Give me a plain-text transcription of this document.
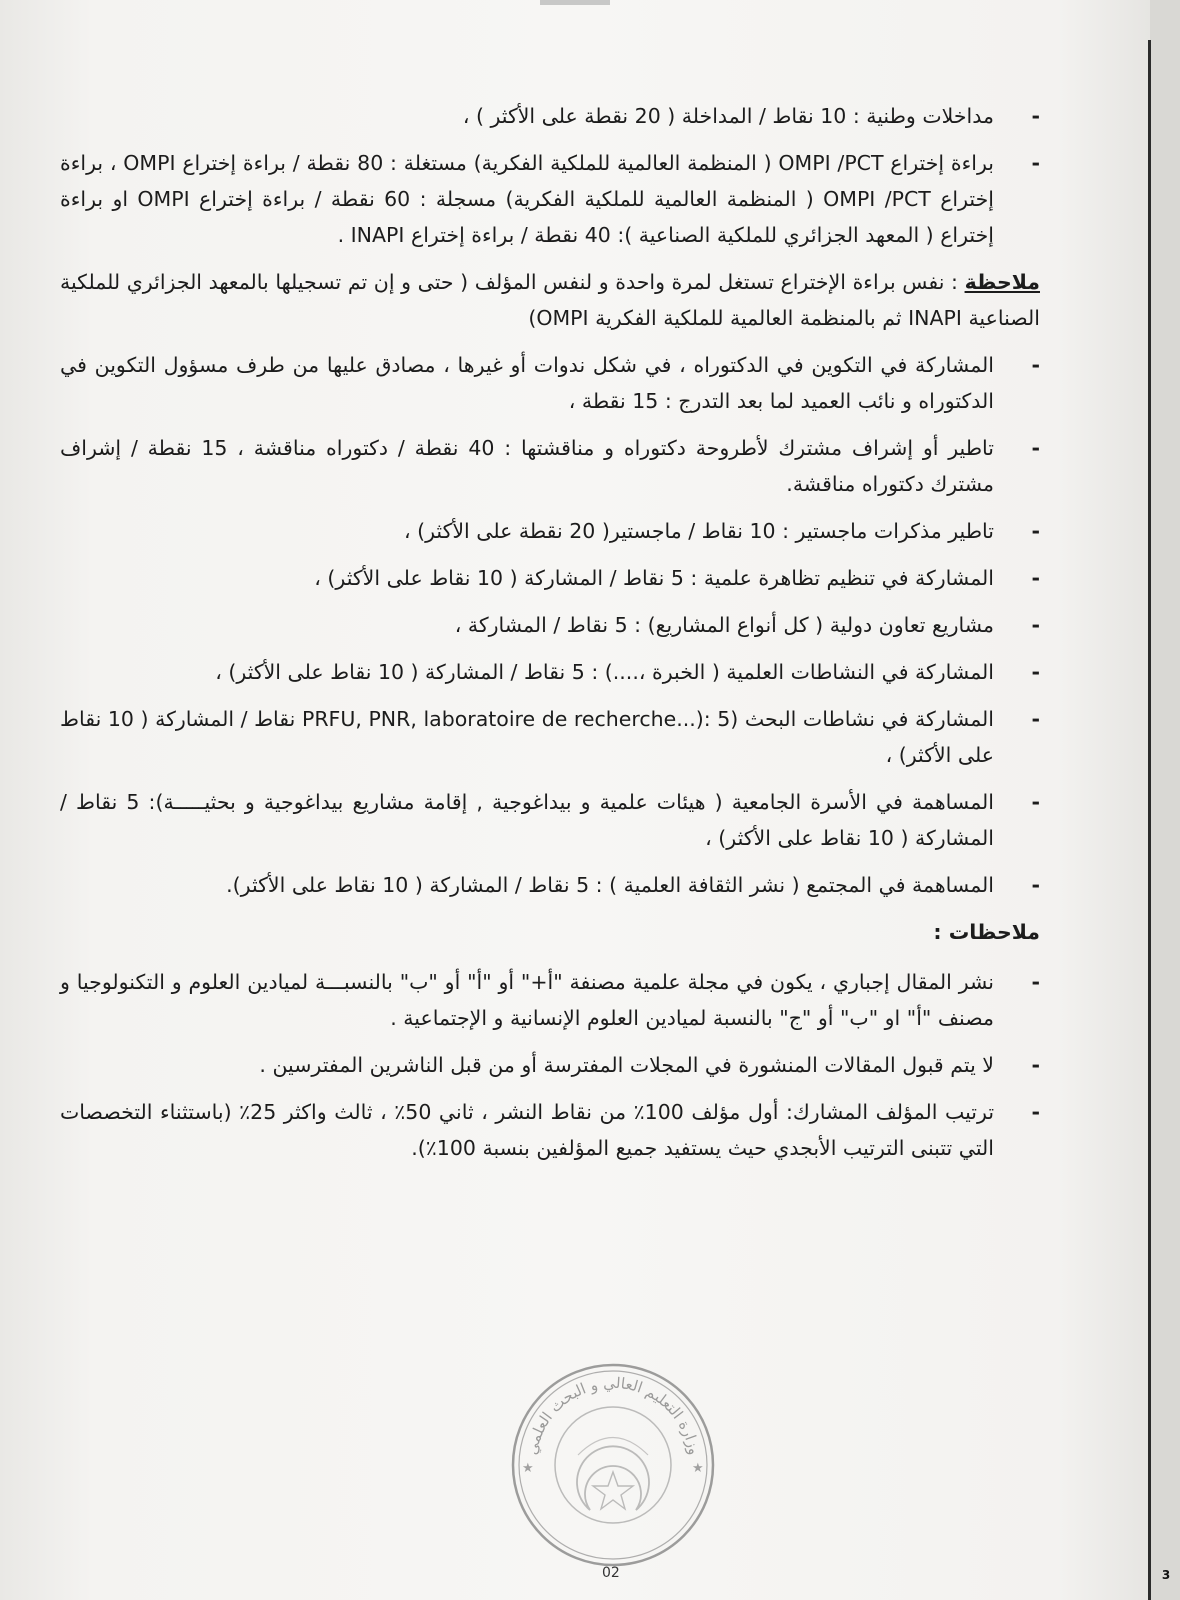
- مداخلات وطنية : 10 نقاط / المداخلة ( 20 نقطة على الأكثر ) ،

- براءة إختراع OMPI /PCT ( المنظمة العالمية للملكية الفكرية) مستغلة : 80 نقطة / براءة إختراع OMPI ، براءة إختراع OMPI /PCT ( المنظمة العالمية للملكية الفكرية) مسجلة : 60 نقطة / براءة إختراع OMPI او براءة إختراع ( المعهد الجزائري للملكية الصناعية ): 40 نقطة / براءة إختراع INAPI .

ملاحظة : نفس براءة الإختراع تستغل لمرة واحدة و لنفس المؤلف ( حتى و إن تم تسجيلها بالمعهد الجزائري للملكية الصناعية INAPI ثم بالمنظمة العالمية للملكية الفكرية OMPI)

- المشاركة في التكوين في الدكتوراه ، في شكل ندوات أو غيرها ، مصادق عليها من طرف مسؤول التكوين في الدكتوراه و نائب العميد لما بعد التدرج : 15 نقطة ،

- تاطير أو إشراف مشترك لأطروحة دكتوراه و مناقشتها : 40 نقطة / دكتوراه مناقشة ، 15 نقطة / إشراف مشترك دكتوراه مناقشة.

- تاطير مذكرات ماجستير : 10 نقاط / ماجستير( 20 نقطة على الأكثر) ،

- المشاركة في تنظيم تظاهرة علمية : 5 نقاط / المشاركة ( 10 نقاط على الأكثر) ،

- مشاريع تعاون دولية ( كل أنواع المشاريع) : 5 نقاط / المشاركة ،

- المشاركة في النشاطات العلمية ( الخبرة ،....) : 5 نقاط / المشاركة ( 10 نقاط على الأكثر) ،

- المشاركة في نشاطات البحث (PRFU, PNR, laboratoire de recherche...): 5 نقاط / المشاركة ( 10 نقاط على الأكثر) ،

- المساهمة في الأسرة الجامعية ( هيئات علمية و بيداغوجية , إقامة مشاريع بيداغوجية و بحثيـــــة): 5 نقاط / المشاركة ( 10 نقاط على الأكثر) ،

- المساهمة في المجتمع ( نشر الثقافة العلمية ) : 5 نقاط / المشاركة ( 10 نقاط على الأكثر).

ملاحظات :

- نشر المقال إجباري ، يكون في مجلة علمية مصنفة "أ+" أو "أ" أو "ب" بالنسبـــة لميادين العلوم و التكنولوجيا و مصنف "أ" او "ب" أو "ج" بالنسبة لميادين العلوم الإنسانية و الإجتماعية .

- لا يتم قبول المقالات المنشورة في المجلات المفترسة أو من قبل الناشرين المفترسين .

- ترتيب المؤلف المشارك: أول مؤلف 100٪ من نقاط النشر ، ثاني 50٪ ، ثالث واكثر 25٪ (باستثناء التخصصات التي تتبنى الترتيب الأبجدي حيث يستفيد جميع المؤلفين بنسبة 100٪).

وزارة التعليم العالي و البحث العلمي
★	★
02	3
